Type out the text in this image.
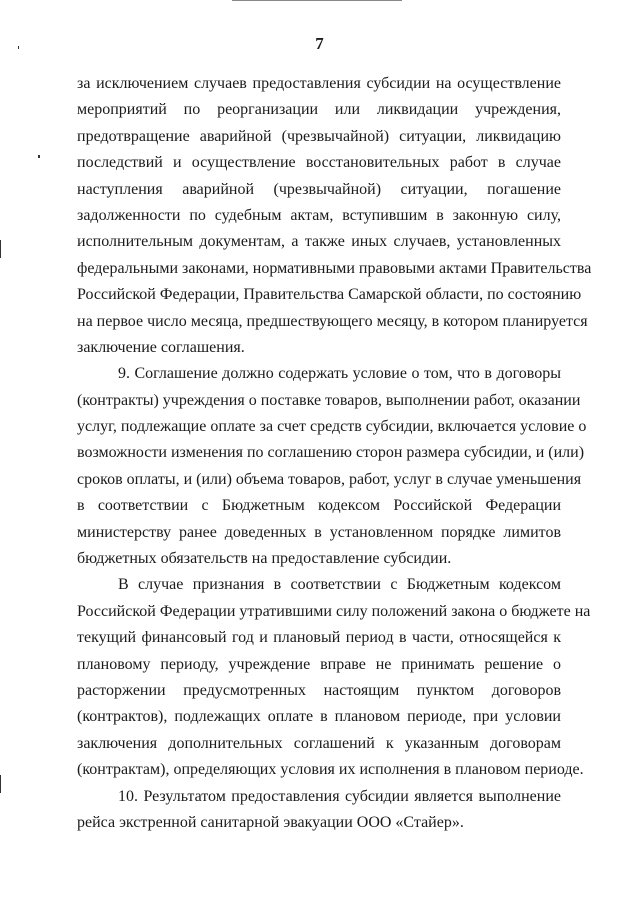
7
за исключением случаев предоставления субсидии на осуществление
мероприятий по реорганизации или ликвидации учреждения,
предотвращение аварийной (чрезвычайной) ситуации, ликвидацию
последствий и осуществление восстановительных работ в случае
наступления аварийной (чрезвычайной) ситуации, погашение
задолженности по судебным актам, вступившим в законную силу,
исполнительным документам, а также иных случаев, установленных
федеральными законами, нормативными правовыми актами Правительства
Российской Федерации, Правительства Самарской области, по состоянию
на первое число месяца, предшествующего месяцу, в котором планируется
заключение соглашения.
9. Соглашение должно содержать условие о том, что в договоры
(контракты) учреждения о поставке товаров, выполнении работ, оказании
услуг, подлежащие оплате за счет средств субсидии, включается условие о
возможности изменения по соглашению сторон размера субсидии, и (или)
сроков оплаты, и (или) объема товаров, работ, услуг в случае уменьшения
в соответствии с Бюджетным кодексом Российской Федерации
министерству ранее доведенных в установленном порядке лимитов
бюджетных обязательств на предоставление субсидии.
В случае признания в соответствии с Бюджетным кодексом
Российской Федерации утратившими силу положений закона о бюджете на
текущий финансовый год и плановый период в части, относящейся к
плановому периоду, учреждение вправе не принимать решение о
расторжении предусмотренных настоящим пунктом договоров
(контрактов), подлежащих оплате в плановом периоде, при условии
заключения дополнительных соглашений к указанным договорам
(контрактам), определяющих условия их исполнения в плановом периоде.
10. Результатом предоставления субсидии является выполнение
рейса экстренной санитарной эвакуации ООО «Стайер».
